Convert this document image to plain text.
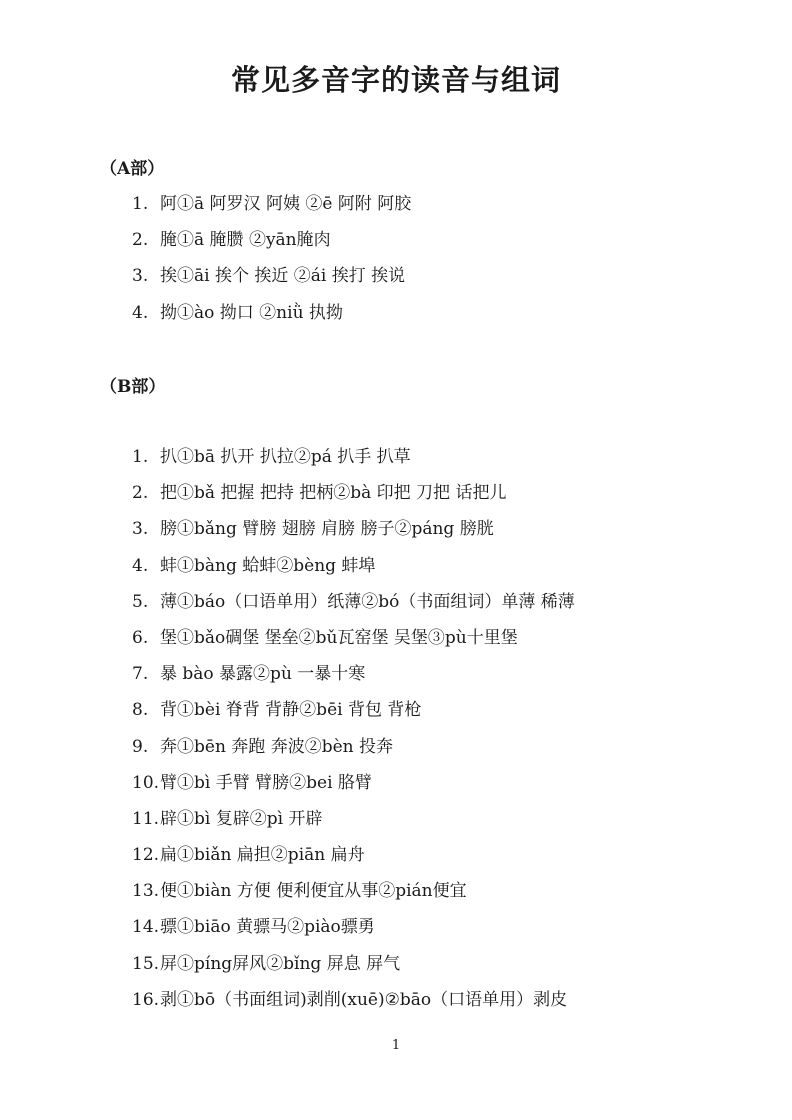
常见多音字的读音与组词
（A部）
1. 阿①ā 阿罗汉 阿姨 ②ē 阿附 阿胶
2. 腌①ā 腌臜 ②yān腌肉
3. 挨①āi 挨个 挨近 ②ái 挨打 挨说
4. 拗①ào 拗口 ②niǜ 执拗
（B部）
1. 扒①bā 扒开 扒拉②pá 扒手 扒草
2. 把①bǎ 把握 把持 把柄②bà 印把 刀把 话把儿
3. 膀①bǎng 臂膀 翅膀 肩膀 膀子②páng 膀胱
4. 蚌①bàng 蛤蚌②bèng 蚌埠
5. 薄①báo（口语单用）纸薄②bó（书面组词）单薄 稀薄
6. 堡①bǎo碉堡 堡垒②bǔ瓦窑堡 吴堡③pù十里堡
7. 暴 bào 暴露②pù 一暴十寒
8. 背①bèi 脊背 背静②bēi 背包 背枪
9. 奔①bēn 奔跑 奔波②bèn 投奔
10.臂①bì 手臂 臂膀②bei 胳臂
11.辟①bì 复辟②pì 开辟
12.扁①biǎn 扁担②piān 扁舟
13.便①biàn 方便 便利便宜从事②pián便宜
14.骠①biāo 黄骠马②piào骠勇
15.屏①píng屏风②bǐng 屏息 屏气
16.剥①bō（书面组词)剥削(xuē)②bāo（口语单用）剥皮
1
